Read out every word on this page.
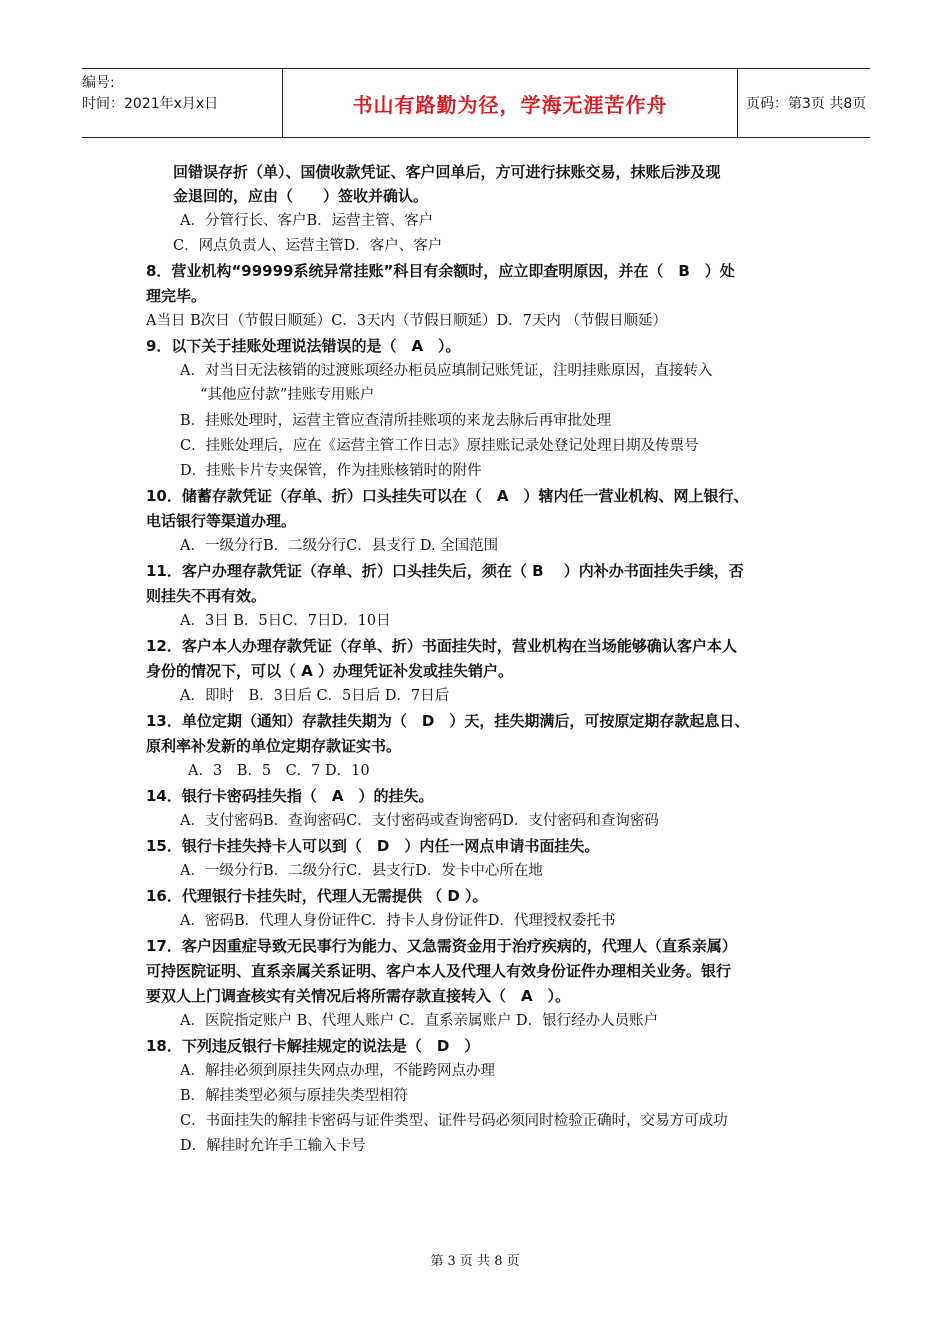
编号:
时间：2021年x月x日	书山有路勤为径，学海无涯苦作舟	页码：第3页 共8页
回错误存折（单）、国债收款凭证、客户回单后，方可进行抹账交易，抹账后涉及现
金退回的，应由（　　）签收并确认。
A．分管行长、客户B．运营主管、客户
C．网点负责人、运营主管D．客户、客户
8．营业机构“99999系统异常挂账”科目有余额时，应立即查明原因，并在（　B　）处
理完毕。
A当日 B次日（节假日顺延）C．3天内（节假日顺延）D．7天内 （节假日顺延）
9．以下关于挂账处理说法错误的是（　A　）。
A．对当日无法核销的过渡账项经办柜员应填制记账凭证，注明挂账原因，直接转入
“其他应付款”挂账专用账户
B．挂账处理时，运营主管应查清所挂账项的来龙去脉后再审批处理
C．挂账处理后，应在《运营主管工作日志》原挂账记录处登记处理日期及传票号
D．挂账卡片专夹保管，作为挂账核销时的附件
10．储蓄存款凭证（存单、折）口头挂失可以在（　A　）辖内任一营业机构、网上银行、
电话银行等渠道办理。
A．一级分行B．二级分行C．县支行 D. 全国范围
11．客户办理存款凭证（存单、折）口头挂失后，须在（ B　 ）内补办书面挂失手续，否
则挂失不再有效。
A．3日 B．5日C．7日D．10日
12．客户本人办理存款凭证（存单、折）书面挂失时，营业机构在当场能够确认客户本人
身份的情况下，可以（ A ）办理凭证补发或挂失销户。
A．即时　B．3日后 C．5日后 D．7日后
13．单位定期（通知）存款挂失期为（　D　）天，挂失期满后，可按原定期存款起息日、
原利率补发新的单位定期存款证实书。
A．3　B．5　C．7 D．10
14．银行卡密码挂失指（　A　）的挂失。
A．支付密码B．查询密码C．支付密码或查询密码D．支付密码和查询密码
15．银行卡挂失持卡人可以到（　D　）内任一网点申请书面挂失。
A．一级分行B．二级分行C．县支行D．发卡中心所在地
16．代理银行卡挂失时，代理人无需提供 （ D ）。
A．密码B．代理人身份证件C．持卡人身份证件D．代理授权委托书
17．客户因重症导致无民事行为能力、又急需资金用于治疗疾病的，代理人（直系亲属）
可持医院证明、直系亲属关系证明、客户本人及代理人有效身份证件办理相关业务。银行
要双人上门调查核实有关情况后将所需存款直接转入（　A　）。
A．医院指定账户 B、代理人账户 C．直系亲属账户 D．银行经办人员账户
18．下列违反银行卡解挂规定的说法是（　D　）
A．解挂必须到原挂失网点办理，不能跨网点办理
B．解挂类型必须与原挂失类型相符
C．书面挂失的解挂卡密码与证件类型、证件号码必须同时检验正确时，交易方可成功
D．解挂时允许手工输入卡号
第 3 页 共 8 页
